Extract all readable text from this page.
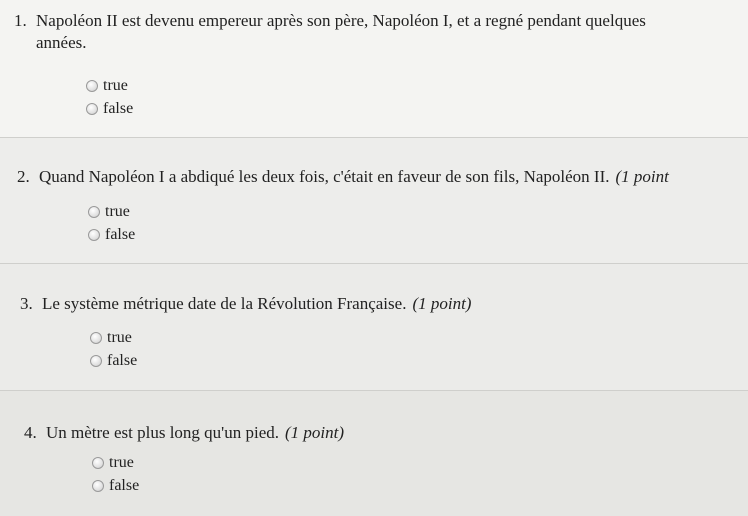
1. Napoléon II est devenu empereur après son père, Napoléon I, et a regné pendant quelques
années.
true
false
2. Quand Napoléon I a abdiqué les deux fois, c'était en faveur de son fils, Napoléon II. (1 point
true
false
3. Le système métrique date de la Révolution Française. (1 point)
true
false
4. Un mètre est plus long qu'un pied. (1 point)
true
false
